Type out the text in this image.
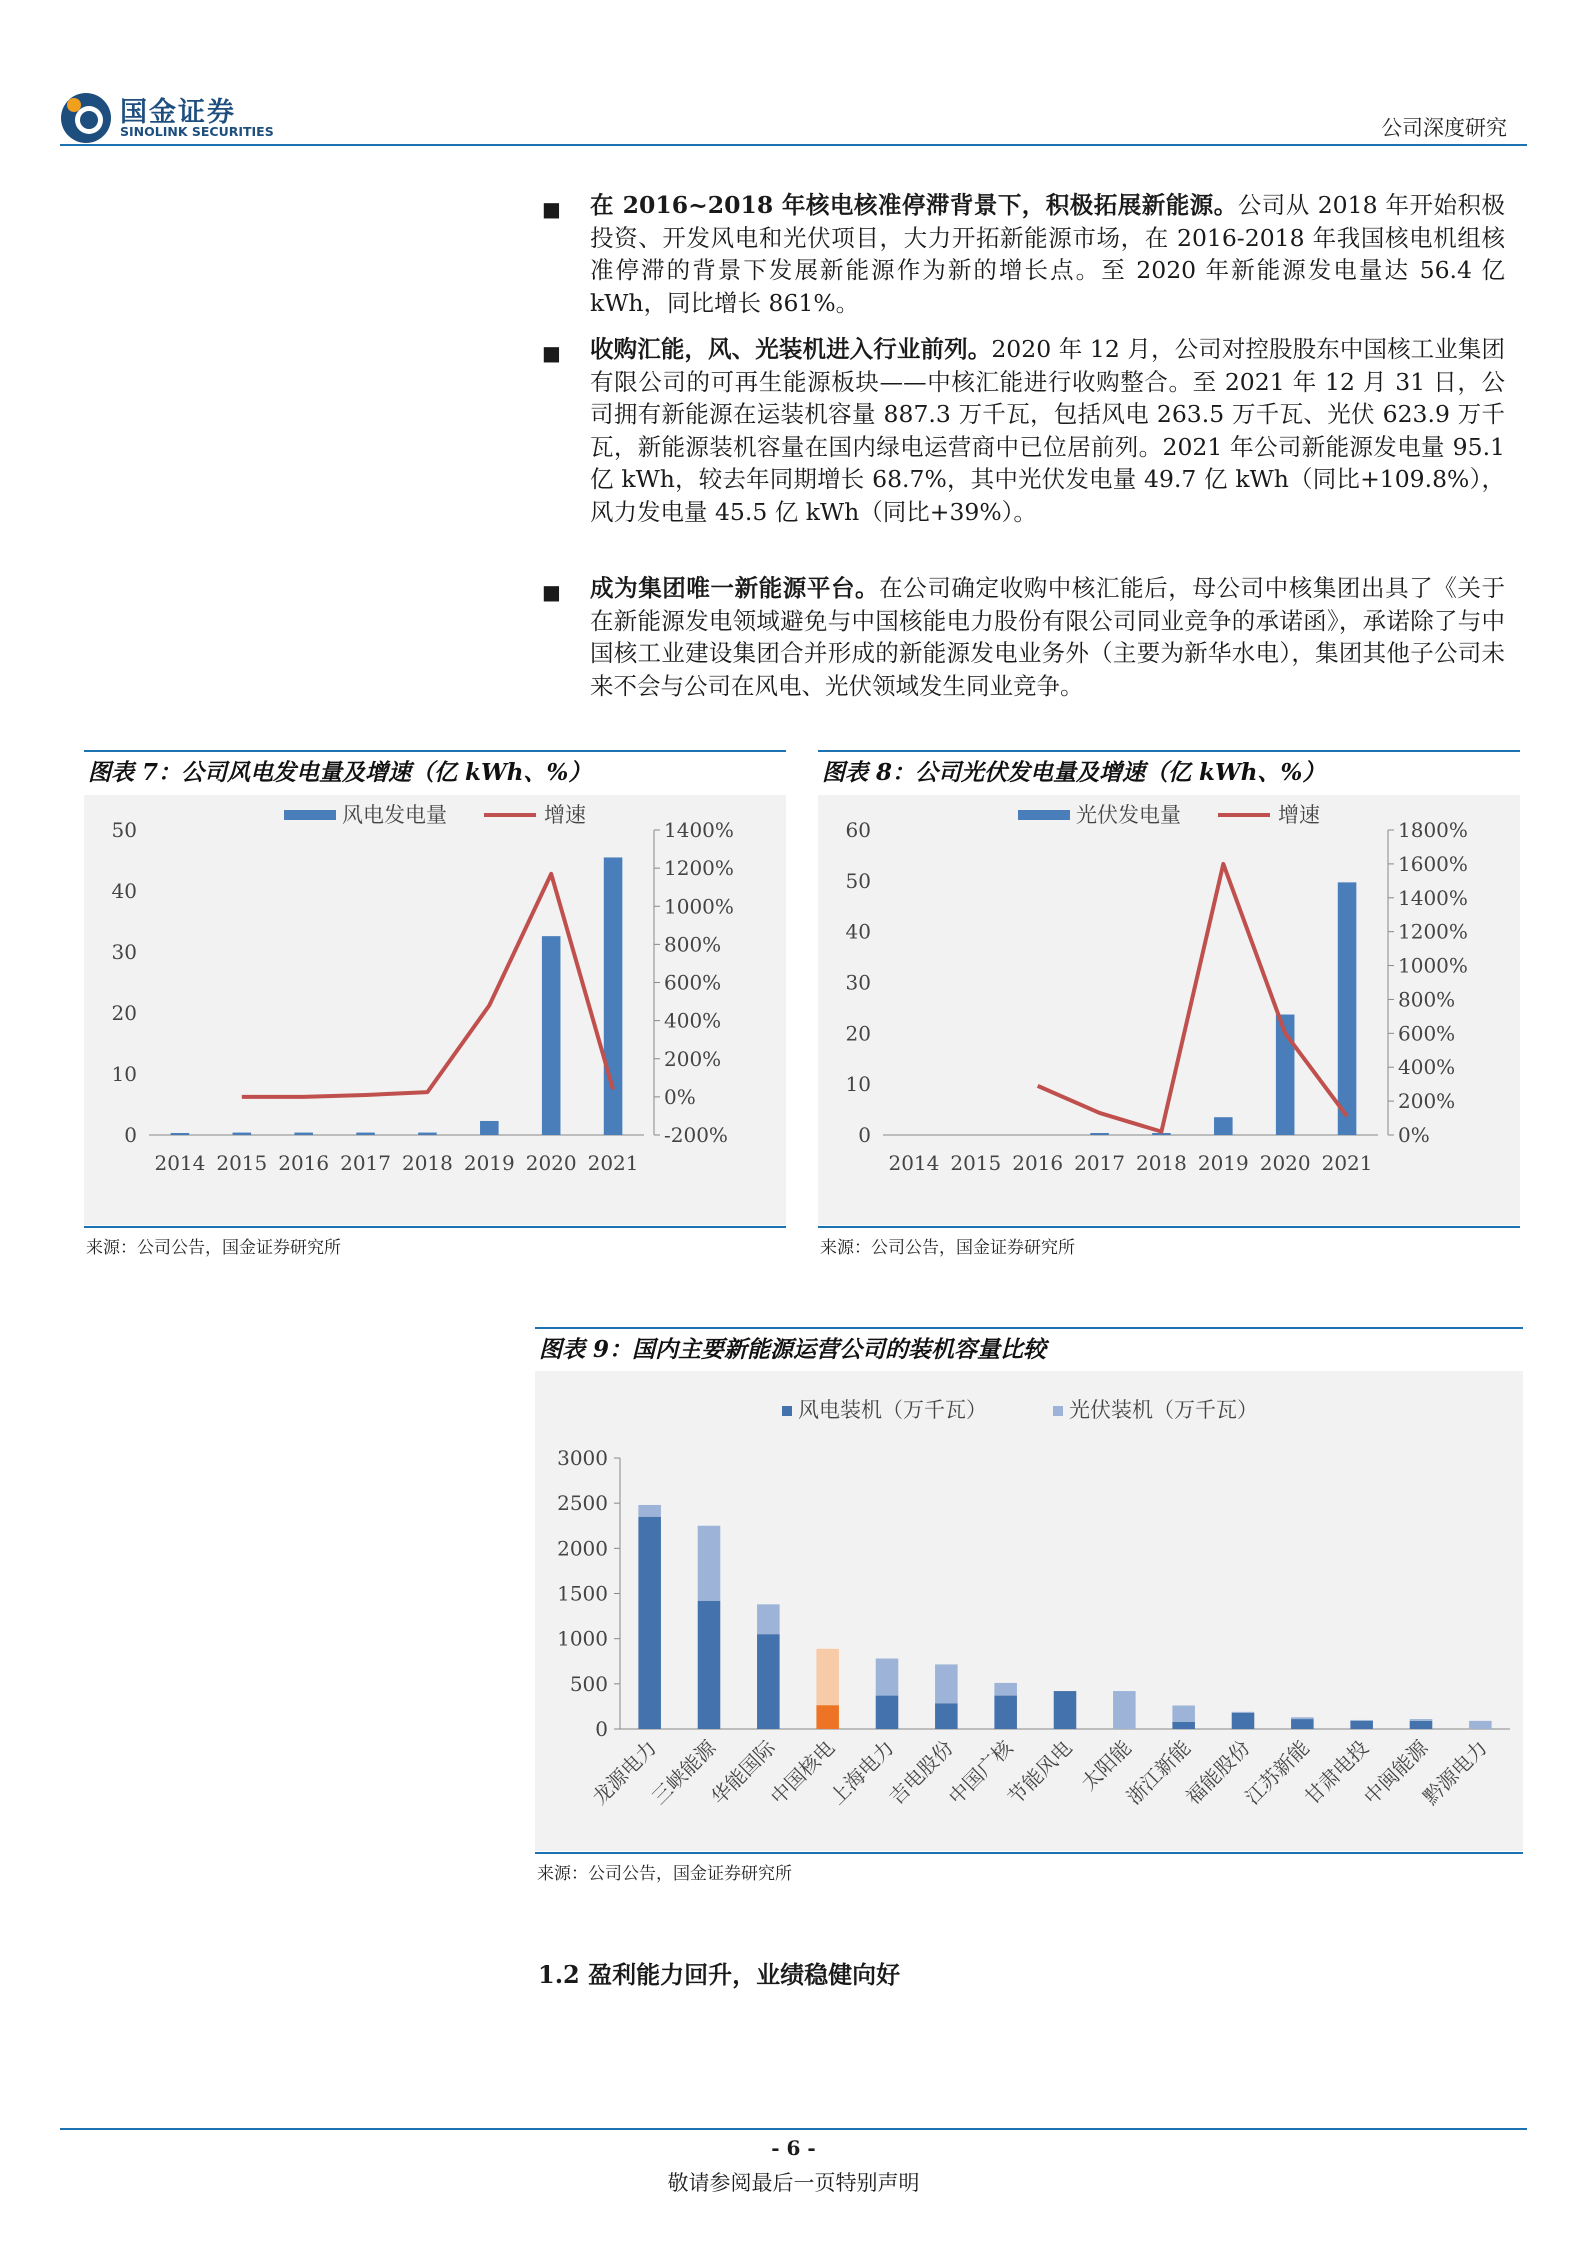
国金证券
SINOLINK SECURITIES	公司深度研究
■	在 2016~2018 年核电核准停滞背景下，积极拓展新能源。公司从 2018 年开始积极投资、开发风电和光伏项目，大力开拓新能源市场，在 2016-2018 年我国核电机组核准停滞的背景下发展新能源作为新的增长点。至 2020 年新能源发电量达 56.4 亿 kWh，同比增长 861%。
■	收购汇能，风、光装机进入行业前列。2020 年 12 月，公司对控股股东中国核工业集团有限公司的可再生能源板块——中核汇能进行收购整合。至 2021 年 12 月 31 日，公司拥有新能源在运装机容量 887.3 万千瓦，包括风电 263.5 万千瓦、光伏 623.9 万千瓦，新能源装机容量在国内绿电运营商中已位居前列。2021 年公司新能源发电量 95.1 亿 kWh，较去年同期增长 68.7%，其中光伏发电量 49.7 亿 kWh（同比+109.8%），风力发电量 45.5 亿 kWh（同比+39%）。
■	成为集团唯一新能源平台。在公司确定收购中核汇能后，母公司中核集团出具了《关于在新能源发电领域避免与中国核能电力股份有限公司同业竞争的承诺函》，承诺除了与中国核工业建设集团合并形成的新能源发电业务外（主要为新华水电），集团其他子公司未来不会与公司在风电、光伏领域发生同业竞争。
图表 7：公司风电发电量及增速（亿 kWh、%）
0
10
20
30
40
50
-200%
0%
200%
400%
600%
800%
1000%
1200%
1400%
2014 2015 2016 2017 2018 2019 2020 2021
风电发电量	增速
来源：公司公告，国金证券研究所
图表 8：公司光伏发电量及增速（亿 kWh、%）
0
10
20
30
40
50
60
0%
200%
400%
600%
800%
1000%
1200%
1400%
1600%
1800%
2014 2015 2016 2017 2018 2019 2020 2021
光伏发电量	增速
来源：公司公告，国金证券研究所
图表 9：国内主要新能源运营公司的装机容量比较
0
500
1000
1500
2000
2500
3000
龙源电力
三峡能源
华能国际
中国核电
上海电力
吉电股份
中国广核
节能风电 太阳能
浙江新能
福能股份
江苏新能
甘肃电投
中闽能源
黔源电力
风电装机（万千瓦）	光伏装机（万千瓦）
来源：公司公告，国金证券研究所
1.2 盈利能力回升，业绩稳健向好
- 6 -
敬请参阅最后一页特别声明
